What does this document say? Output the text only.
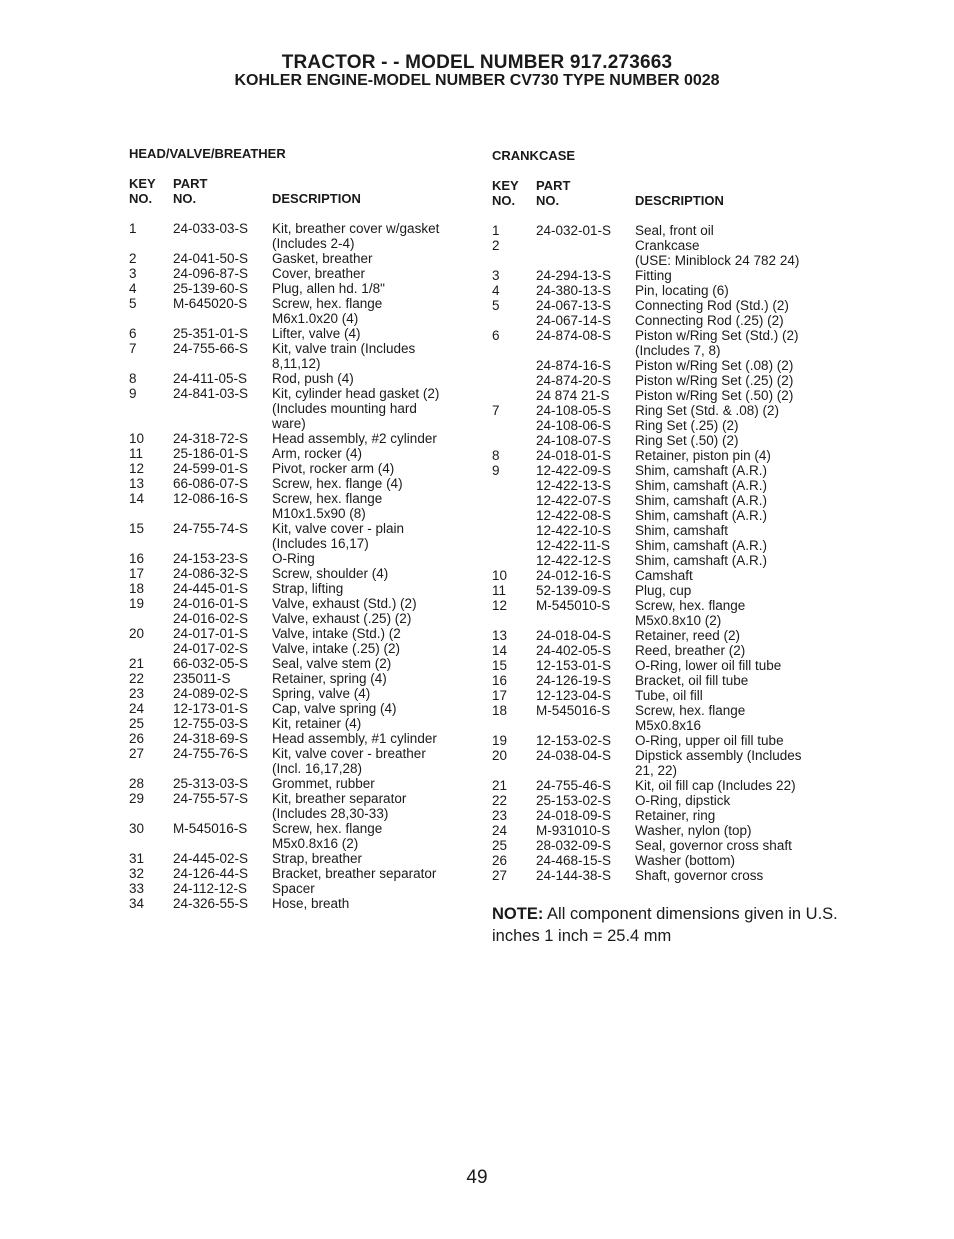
TRACTOR - - MODEL NUMBER 917.273663
KOHLER ENGINE-MODEL NUMBER CV730 TYPE NUMBER 0028
HEAD/VALVE/BREATHER
KEY
NO.
PART
NO.	DESCRIPTION
1	24-033-03-S Kit, breather cover w/gasket
(Includes 2-4)
2	24-041-50-S Gasket, breather
3	24-096-87-S Cover, breather
4	25-139-60-S Plug, allen hd. 1/8"
5	M-645020-S Screw, hex. flange
M6x1.0x20 (4)
6	25-351-01-S Lifter, valve (4)
7	24-755-66-S Kit, valve train (Includes
8,11,12)
8	24-411-05-S Rod, push (4)
9	24-841-03-S Kit, cylinder head gasket (2)
(Includes mounting hard
ware)
10 24-318-72-S Head assembly, #2 cylinder
11 25-186-01-S Arm, rocker (4)
12 24-599-01-S Pivot, rocker arm (4)
13 66-086-07-S Screw, hex. flange (4)
14 12-086-16-S Screw, hex. flange
M10x1.5x90 (8)
15 24-755-74-S Kit, valve cover - plain
(Includes 16,17)
16 24-153-23-S O-Ring
17 24-086-32-S Screw, shoulder (4)
18 24-445-01-S Strap, lifting
19 24-016-01-S Valve, exhaust (Std.) (2)
24-016-02-S Valve, exhaust (.25) (2)
20 24-017-01-S Valve, intake (Std.) (2
24-017-02-S Valve, intake (.25) (2)
21 66-032-05-S Seal, valve stem (2)
22 235011-S	Retainer, spring (4)
23 24-089-02-S Spring, valve (4)
24 12-173-01-S Cap, valve spring (4)
25 12-755-03-S Kit, retainer (4)
26 24-318-69-S Head assembly, #1 cylinder
27 24-755-76-S Kit, valve cover - breather
(Incl. 16,17,28)
28 25-313-03-S Grommet, rubber
29 24-755-57-S Kit, breather separator
(Includes 28,30-33)
30 M-545016-S Screw, hex. flange
M5x0.8x16 (2)
31 24-445-02-S Strap, breather
32 24-126-44-S Bracket, breather separator
33 24-112-12-S Spacer
34 24-326-55-S Hose, breath
CRANKCASE
KEY
NO.
PART
NO.	DESCRIPTION
1	24-032-01-S Seal, front oil
2	Crankcase
(USE: Miniblock 24 782 24)
3	24-294-13-S Fitting
4	24-380-13-S Pin, locating (6)
5	24-067-13-S Connecting Rod (Std.) (2)
24-067-14-S Connecting Rod (.25) (2)
6	24-874-08-S Piston w/Ring Set (Std.) (2)
(Includes 7, 8)
24-874-16-S Piston w/Ring Set (.08) (2)
24-874-20-S Piston w/Ring Set (.25) (2)
24 874 21-S Piston w/Ring Set (.50) (2)
7	24-108-05-S Ring Set (Std. & .08) (2)
24-108-06-S Ring Set (.25) (2)
24-108-07-S Ring Set (.50) (2)
8	24-018-01-S Retainer, piston pin (4)
9	12-422-09-S Shim, camshaft (A.R.)
12-422-13-S Shim, camshaft (A.R.)
12-422-07-S Shim, camshaft (A.R.)
12-422-08-S Shim, camshaft (A.R.)
12-422-10-S Shim, camshaft
12-422-11-S Shim, camshaft (A.R.)
12-422-12-S Shim, camshaft (A.R.)
10 24-012-16-S Camshaft
11 52-139-09-S Plug, cup
12 M-545010-S Screw, hex. flange
M5x0.8x10 (2)
13 24-018-04-S Retainer, reed (2)
14 24-402-05-S Reed, breather (2)
15 12-153-01-S O-Ring, lower oil fill tube
16 24-126-19-S Bracket, oil fill tube
17 12-123-04-S Tube, oil fill
18 M-545016-S Screw, hex. flange
M5x0.8x16
19 12-153-02-S O-Ring, upper oil fill tube
20 24-038-04-S Dipstick assembly (Includes
21, 22)
21 24-755-46-S Kit, oil fill cap (Includes 22)
22 25-153-02-S O-Ring, dipstick
23 24-018-09-S Retainer, ring
24 M-931010-S Washer, nylon (top)
25 28-032-09-S Seal, governor cross shaft
26 24-468-15-S Washer (bottom)
27 24-144-38-S Shaft, governor cross
NOTE: All component dimensions given in U.S. inches 1 inch = 25.4 mm
49
